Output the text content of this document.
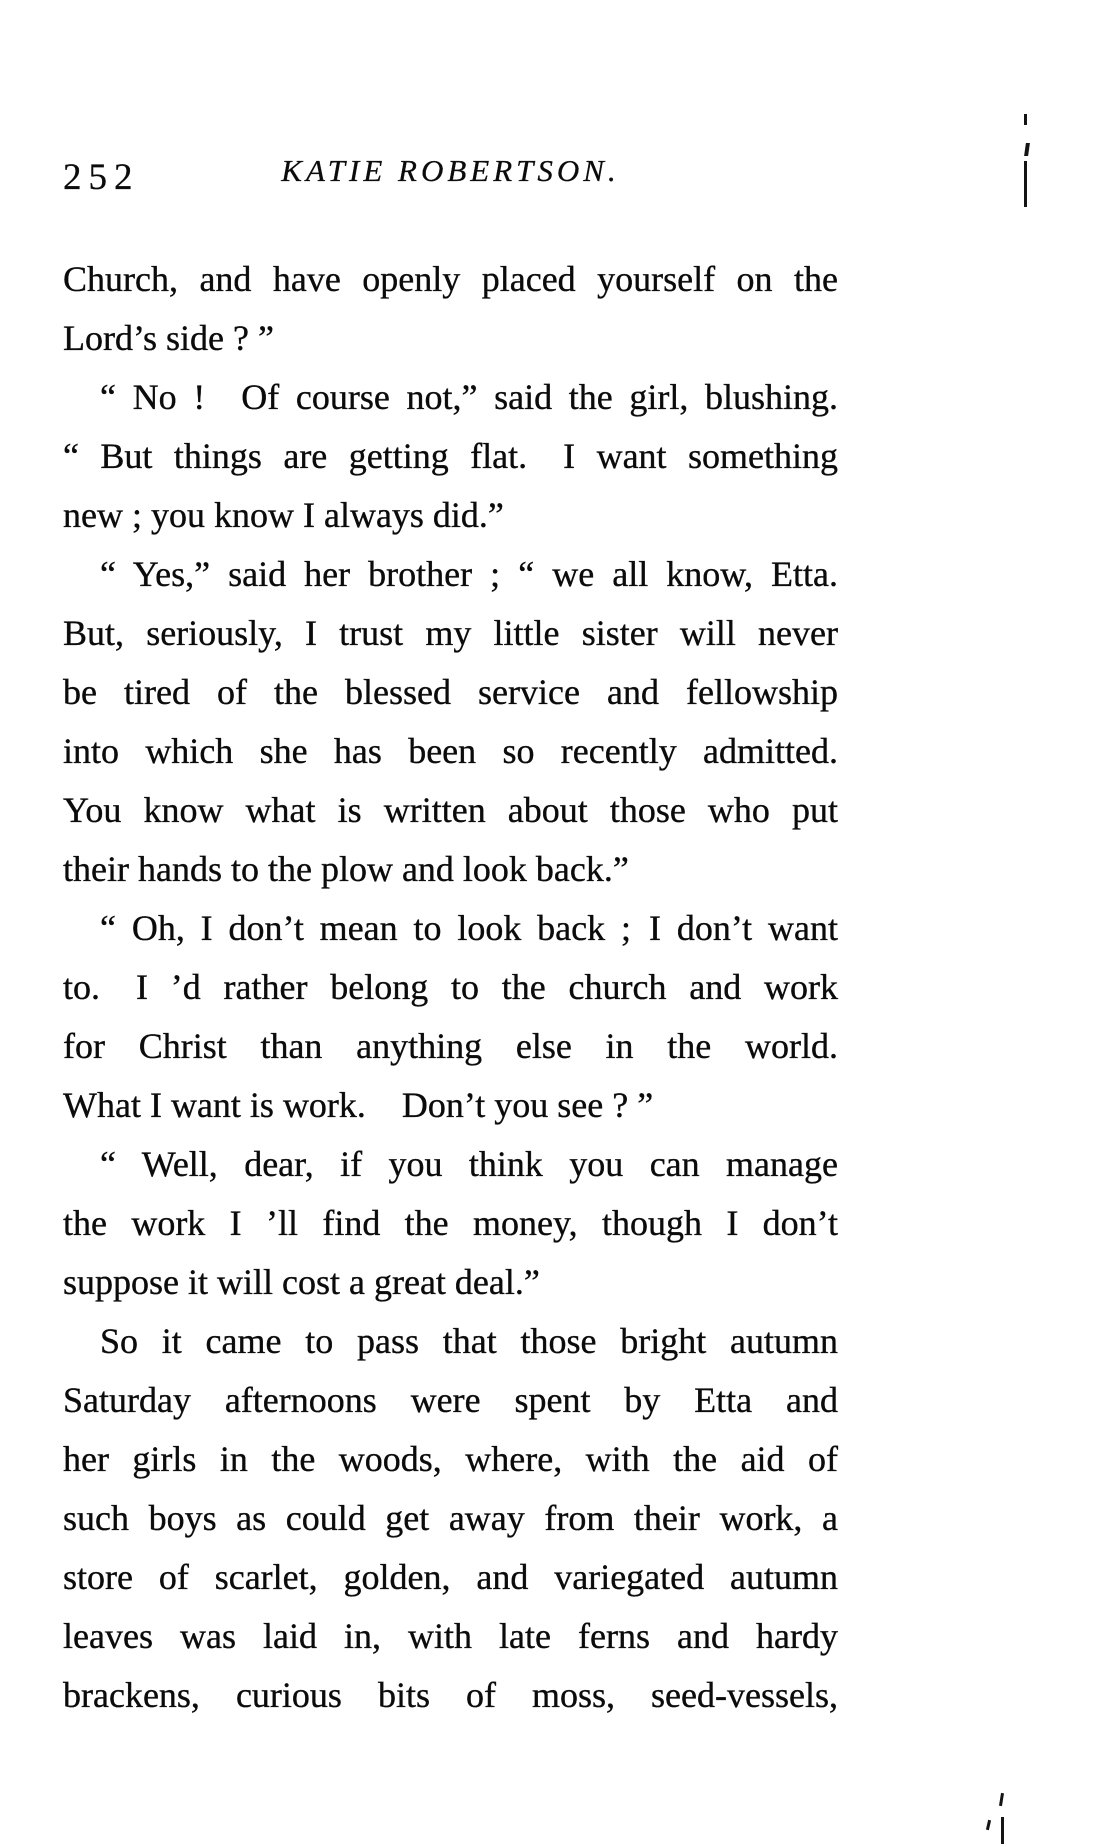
252	KATIE ROBERTSON.
Church, and have openly placed yourself on the
Lord’s side ? ”
“ No ! Of course not,” said the girl, blushing.
“ But things are getting flat. I want something
new ; you know I always did.”
“ Yes,” said her brother ; “ we all know, Etta.
But, seriously, I trust my little sister will never
be tired of the blessed service and fellowship
into which she has been so recently admitted.
You know what is written about those who put
their hands to the plow and look back.”
“ Oh, I don’t mean to look back ; I don’t want
to. I ’d rather belong to the church and work
for Christ than anything else in the world.
What I want is work. Don’t you see ? ”
“ Well, dear, if you think you can manage
the work I ’ll find the money, though I don’t
suppose it will cost a great deal.”
So it came to pass that those bright autumn
Saturday afternoons were spent by Etta and
her girls in the woods, where, with the aid of
such boys as could get away from their work, a
store of scarlet, golden, and variegated autumn
leaves was laid in, with late ferns and hardy
brackens, curious bits of moss, seed-vessels,
